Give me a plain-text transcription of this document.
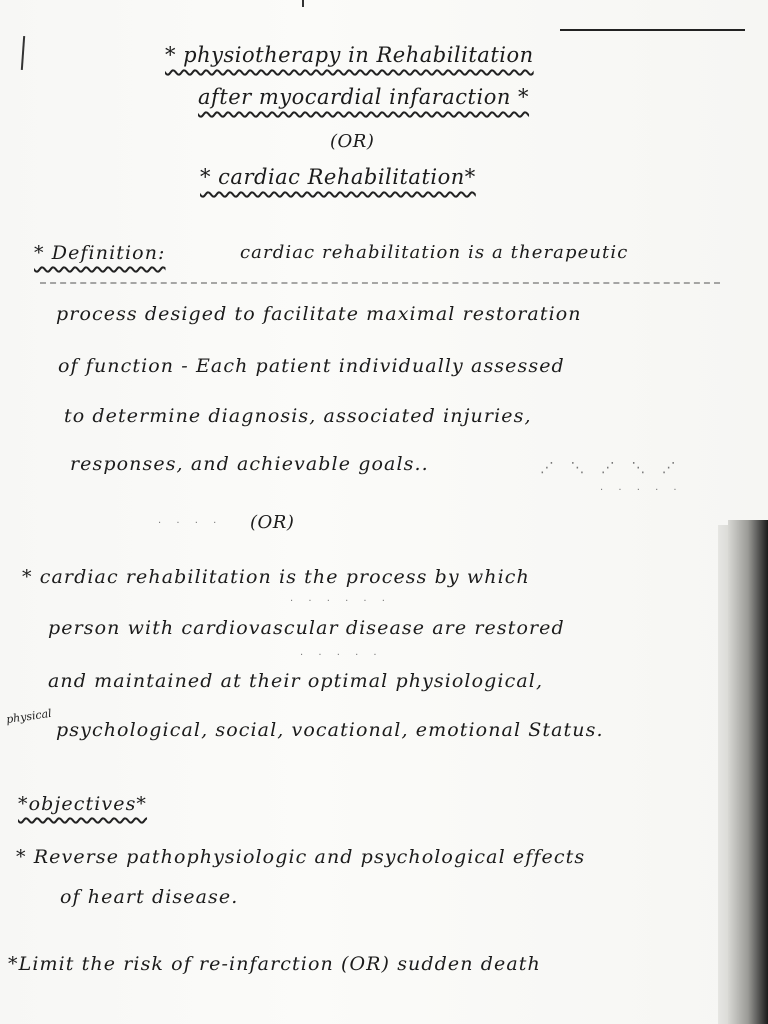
* physiotherapy in Rehabilitation
after myocardial infaraction *
(OR)
* cardiac Rehabilitation*
* Definition:	cardiac rehabilitation is a therapeutic
process desiged to facilitate maximal restoration
of function - Each patient individually assessed
to determine diagnosis, associated injuries,
responses, and achievable goals..	⋰ ⋱ ⋰ ⋱ ⋰
· · · · ·
· · · · (OR)
* cardiac rehabilitation is the process by which
· · · · · ·
person with cardiovascular disease are restored
· · · · ·
and maintained at their optimal physiological,
physical
psychological, social, vocational, emotional Status.
*objectives*
* Reverse pathophysiologic and psychological effects
of heart disease.
*Limit the risk of re-infarction (OR) sudden death
